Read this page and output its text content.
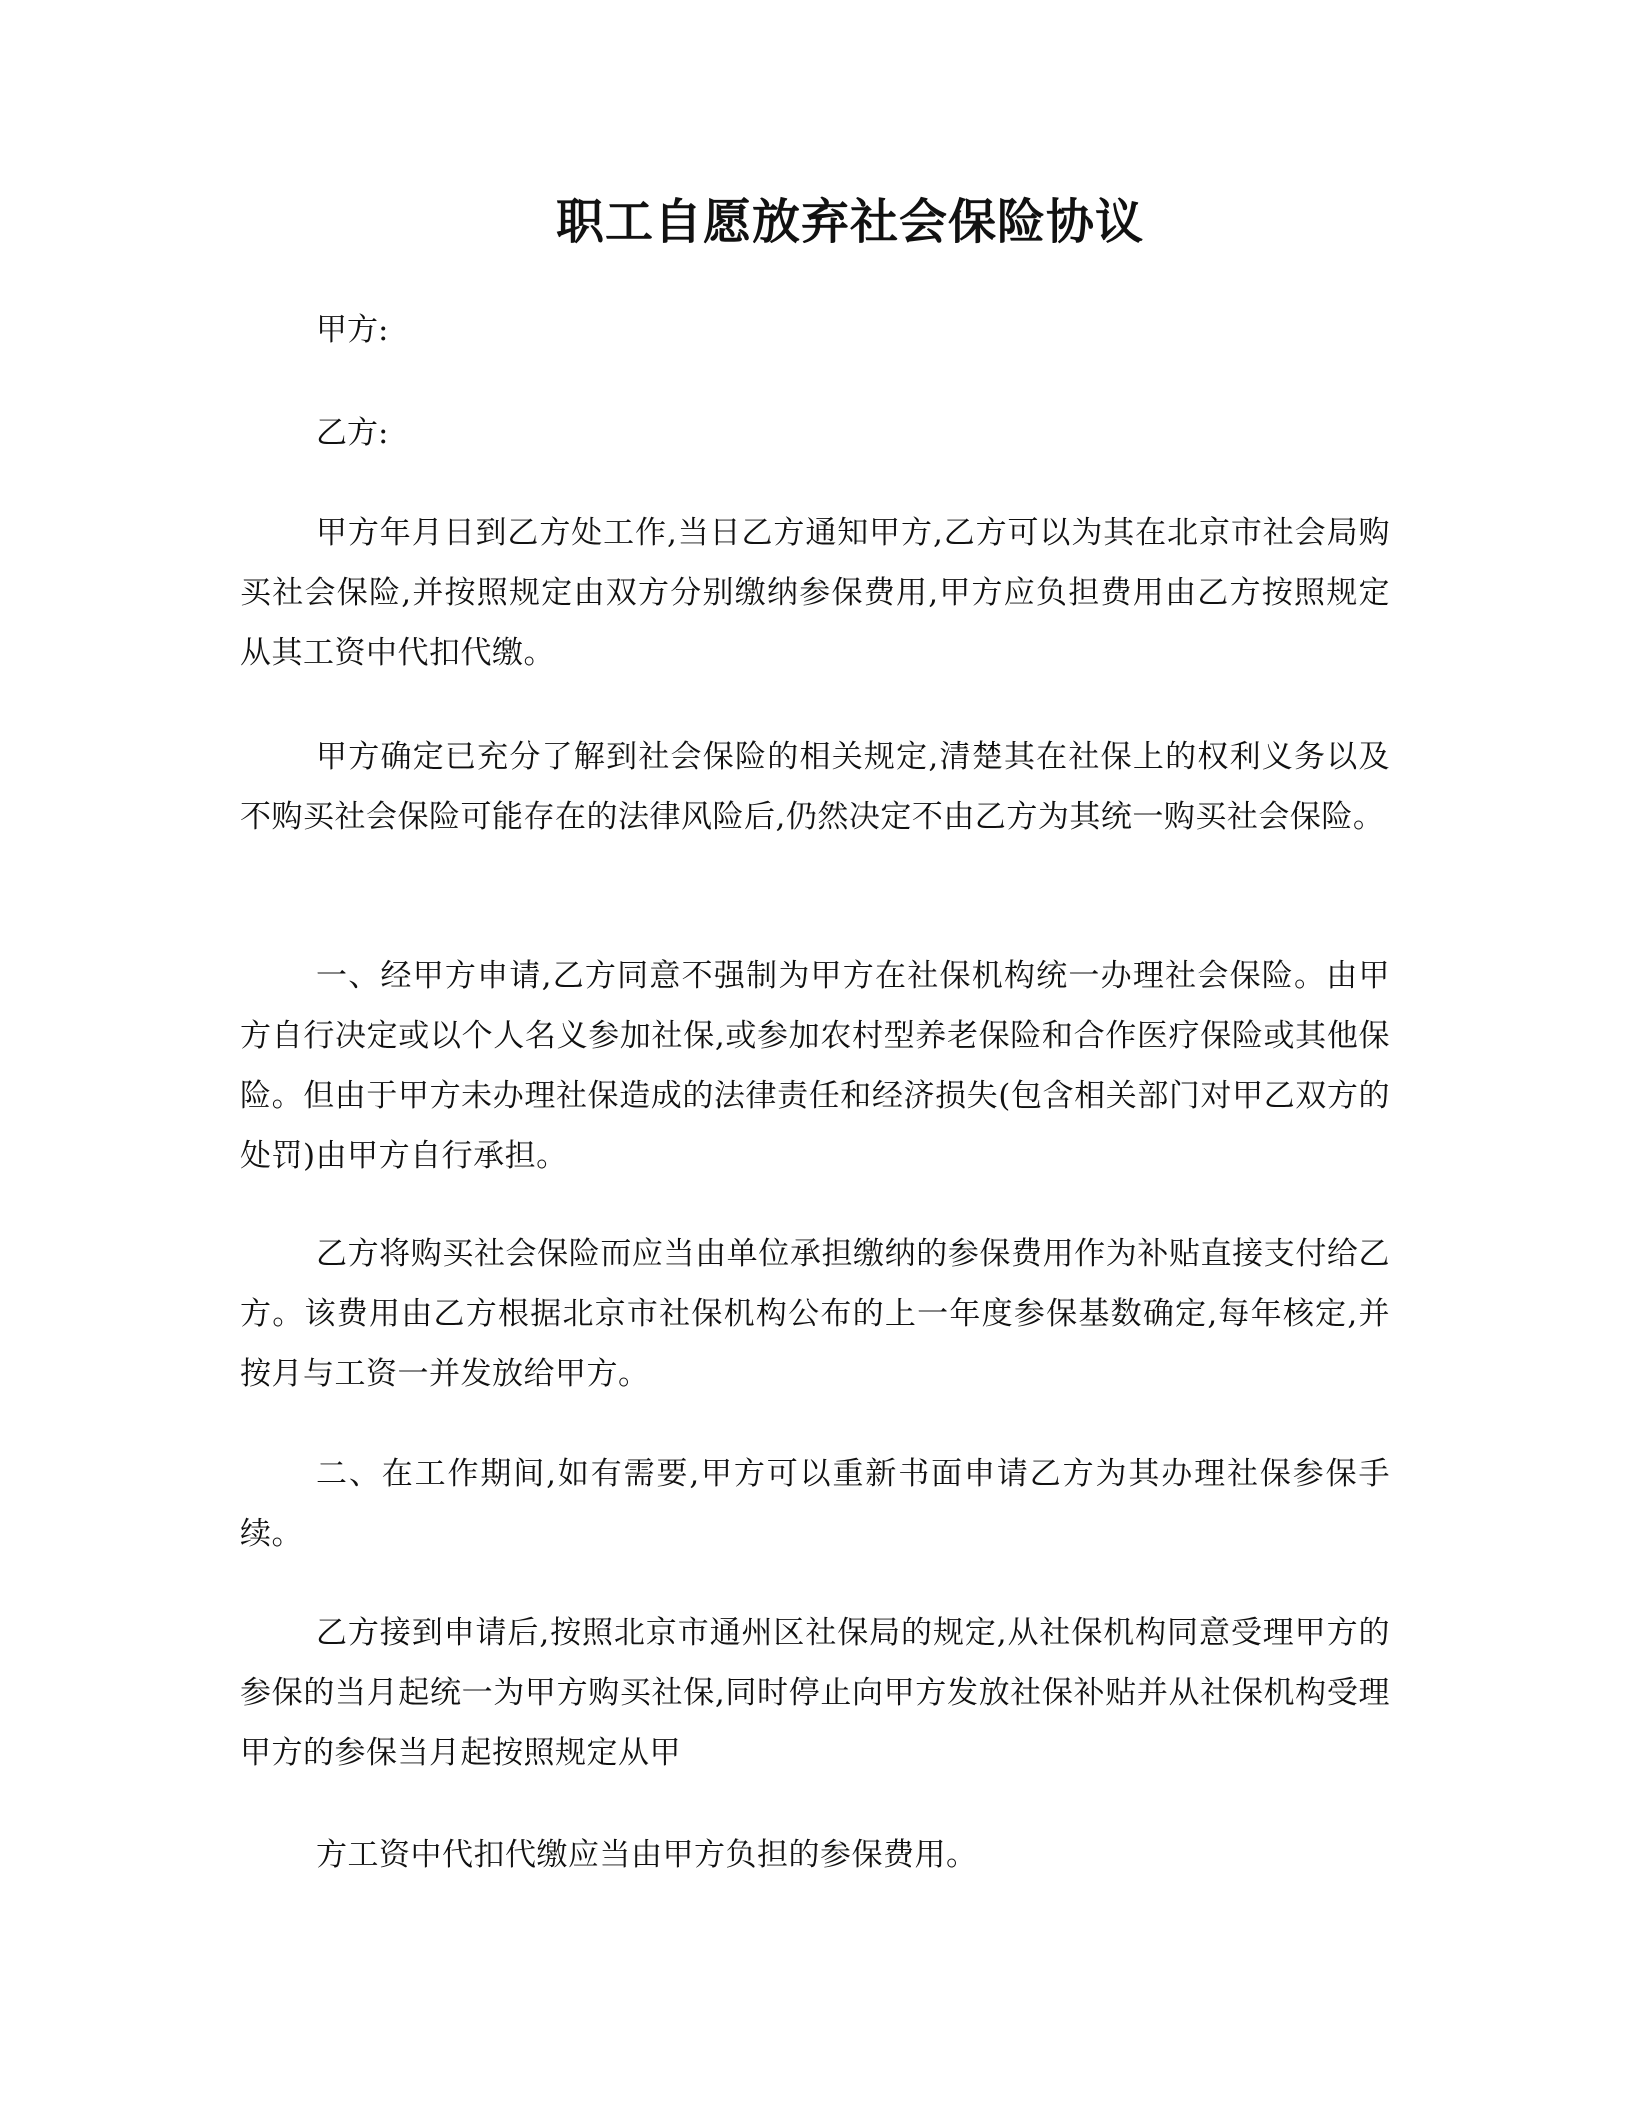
职工自愿放弃社会保险协议

甲方:

乙方:

甲方年月日到乙方处工作,当日乙方通知甲方,乙方可以为其在北京市社会局购买社会保险,并按照规定由双方分别缴纳参保费用,甲方应负担费用由乙方按照规定从其工资中代扣代缴。

甲方确定已充分了解到社会保险的相关规定,清楚其在社保上的权利义务以及不购买社会保险可能存在的法律风险后,仍然决定不由乙方为其统一购买社会保险。

一、经甲方申请,乙方同意不强制为甲方在社保机构统一办理社会保险。由甲方自行决定或以个人名义参加社保,或参加农村型养老保险和合作医疗保险或其他保险。但由于甲方未办理社保造成的法律责任和经济损失(包含相关部门对甲乙双方的处罚)由甲方自行承担。

乙方将购买社会保险而应当由单位承担缴纳的参保费用作为补贴直接支付给乙方。该费用由乙方根据北京市社保机构公布的上一年度参保基数确定,每年核定,并按月与工资一并发放给甲方。

二、在工作期间,如有需要,甲方可以重新书面申请乙方为其办理社保参保手续。

乙方接到申请后,按照北京市通州区社保局的规定,从社保机构同意受理甲方的参保的当月起统一为甲方购买社保,同时停止向甲方发放社保补贴并从社保机构受理甲方的参保当月起按照规定从甲

方工资中代扣代缴应当由甲方负担的参保费用。
